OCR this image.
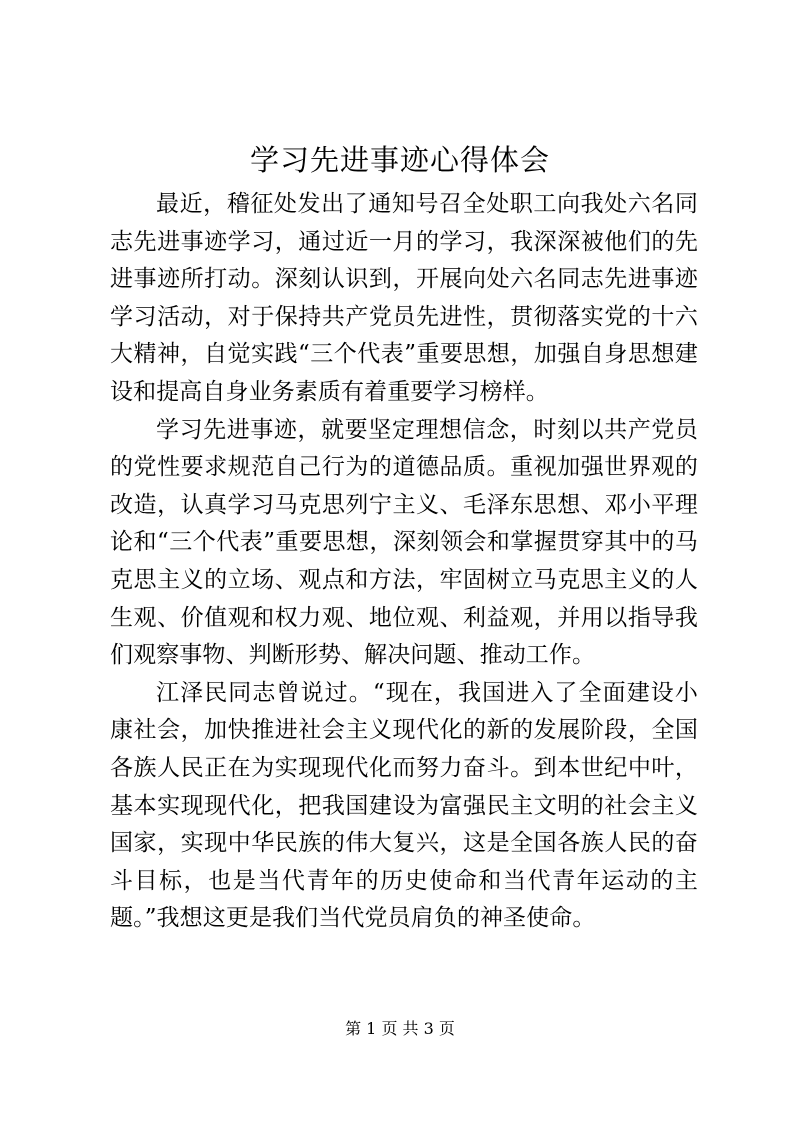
学习先进事迹心得体会

最近，稽征处发出了通知号召全处职工向我处六名同志先进事迹学习，通过近一月的学习，我深深被他们的先进事迹所打动。深刻认识到，开展向处六名同志先进事迹学习活动，对于保持共产党员先进性，贯彻落实党的十六大精神，自觉实践“三个代表”重要思想，加强自身思想建设和提高自身业务素质有着重要学习榜样。

学习先进事迹，就要坚定理想信念，时刻以共产党员的党性要求规范自己行为的道德品质。重视加强世界观的改造，认真学习马克思列宁主义、毛泽东思想、邓小平理论和“三个代表”重要思想，深刻领会和掌握贯穿其中的马克思主义的立场、观点和方法，牢固树立马克思主义的人生观、价值观和权力观、地位观、利益观，并用以指导我们观察事物、判断形势、解决问题、推动工作。

江泽民同志曾说过。“现在，我国进入了全面建设小康社会，加快推进社会主义现代化的新的发展阶段，全国各族人民正在为实现现代化而努力奋斗。到本世纪中叶，基本实现现代化，把我国建设为富强民主文明的社会主义国家，实现中华民族的伟大复兴，这是全国各族人民的奋斗目标，也是当代青年的历史使命和当代青年运动的主题。”我想这更是我们当代党员肩负的神圣使命。

第 1 页 共 3 页
